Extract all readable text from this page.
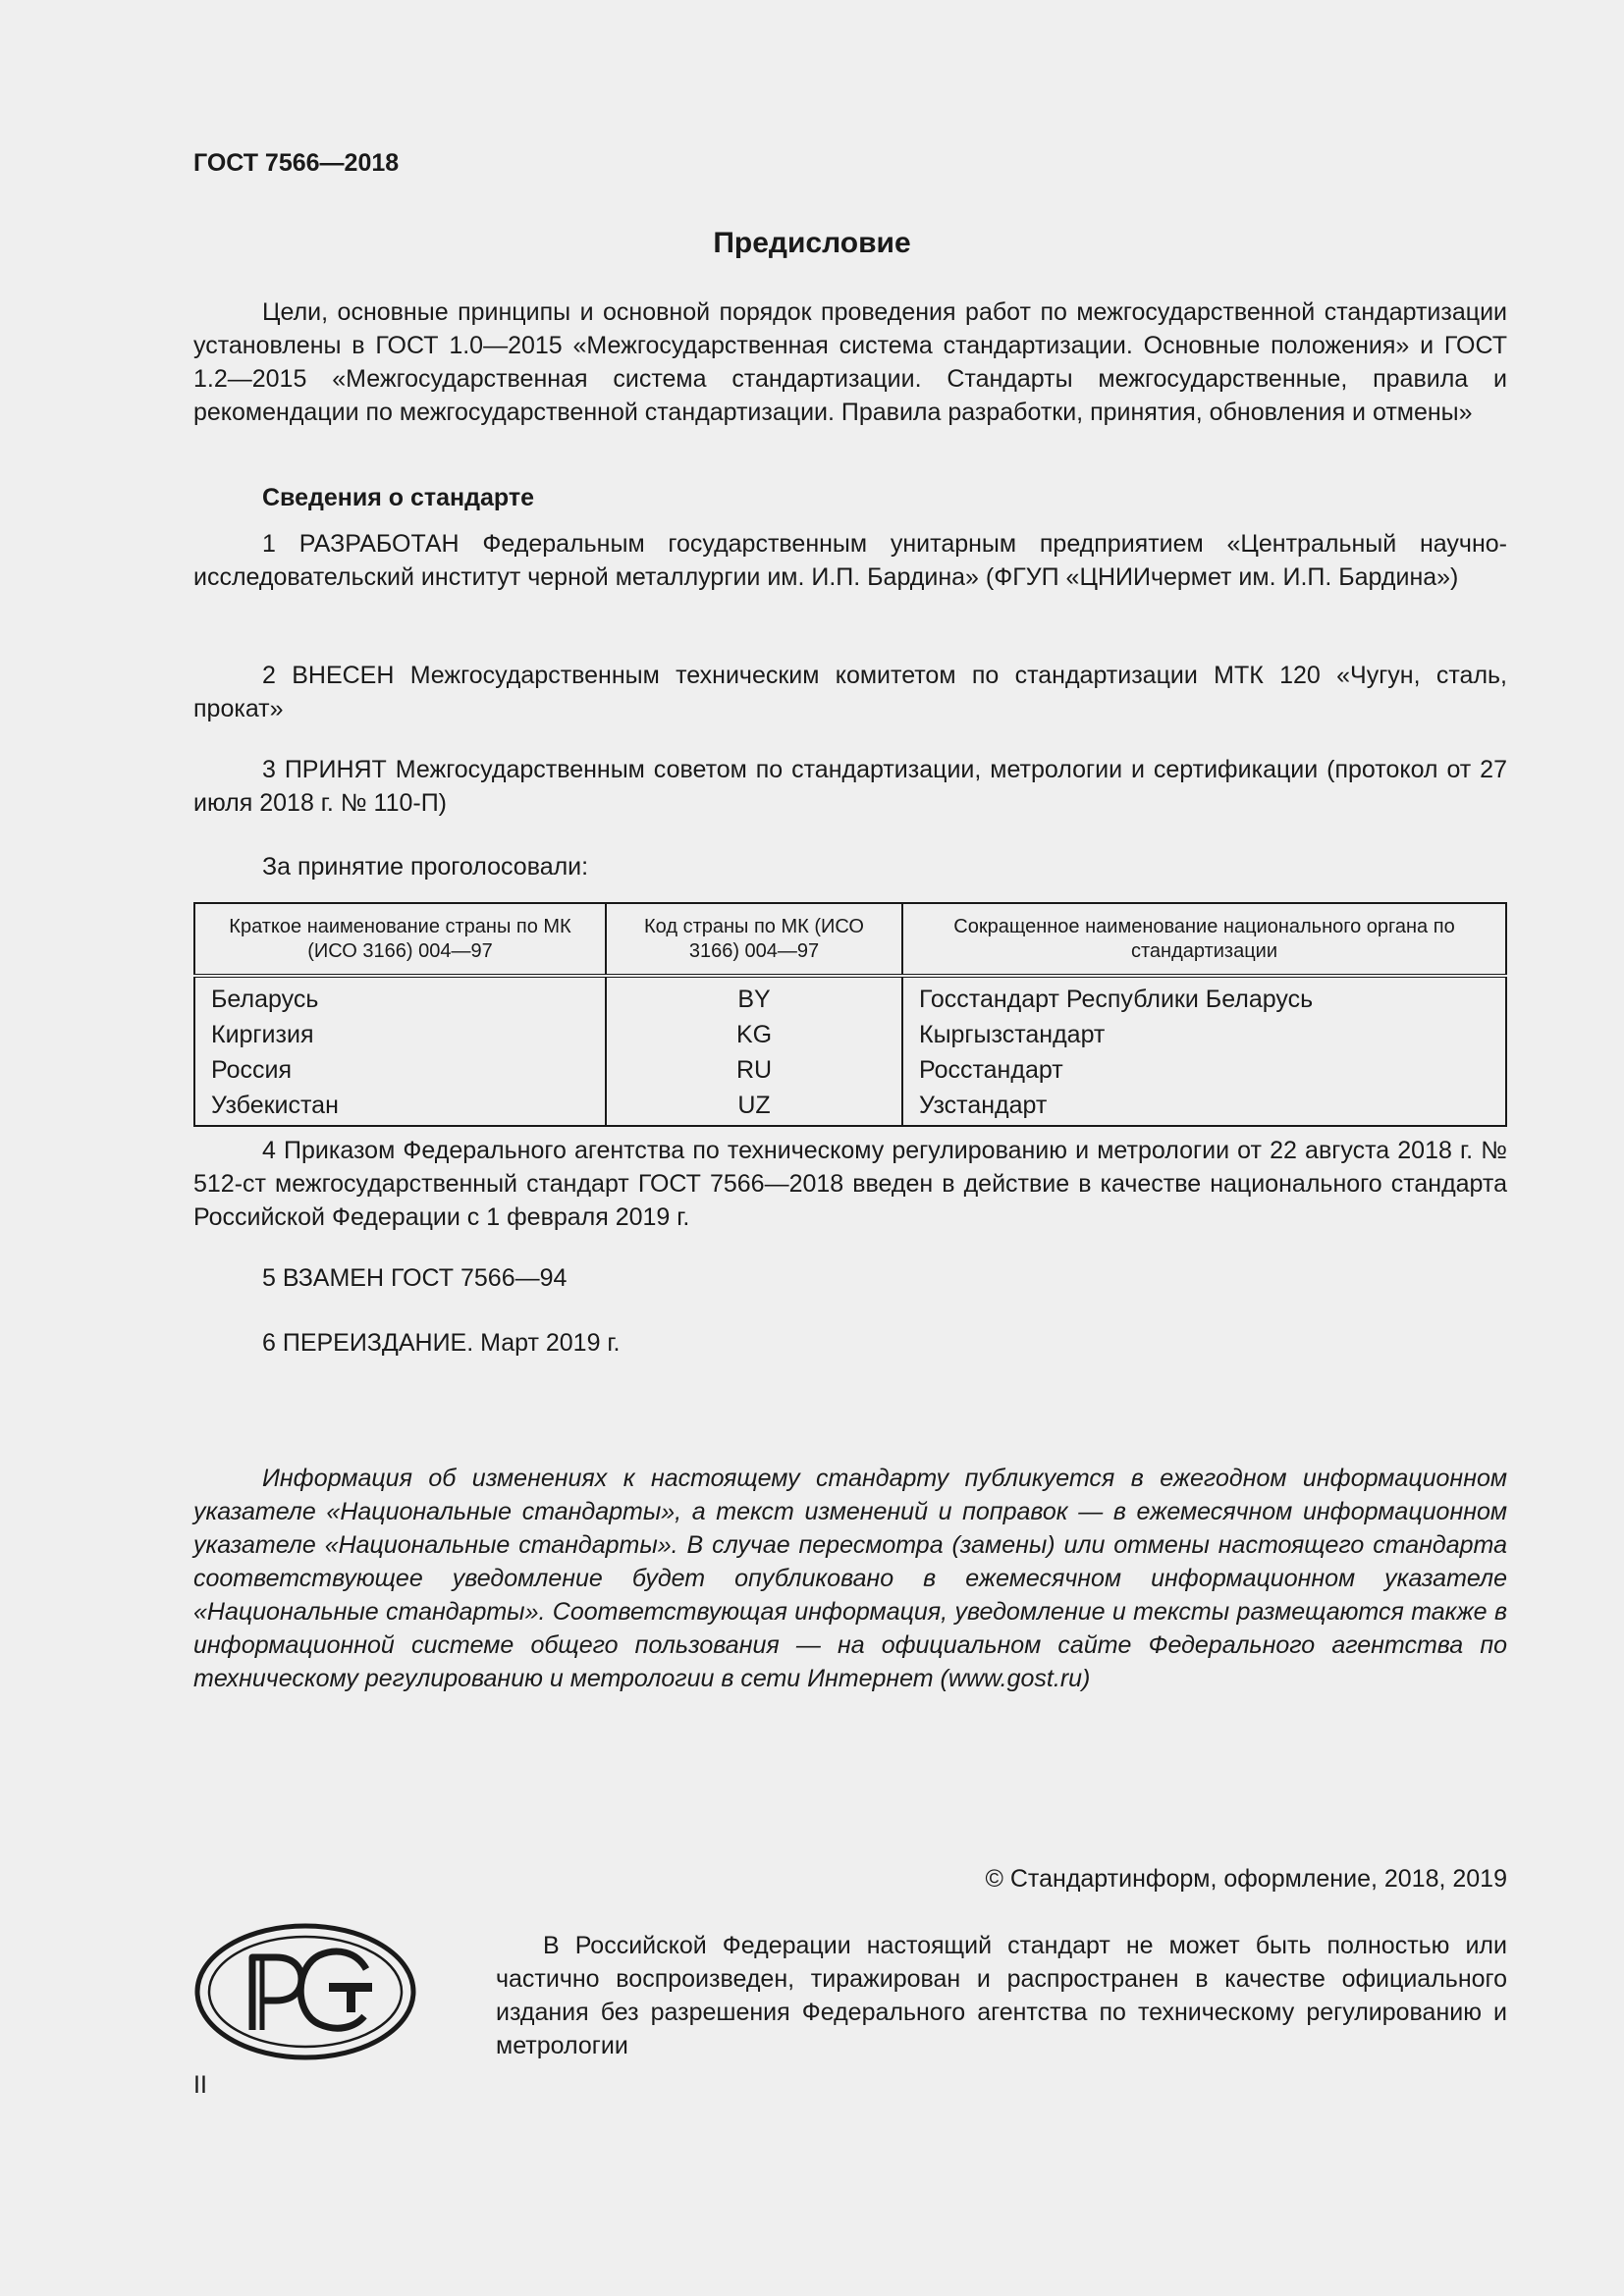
ГОСТ 7566—2018
Предисловие

Цели, основные принципы и основной порядок проведения работ по межгосударственной стандартизации установлены в ГОСТ 1.0—2015 «Межгосударственная система стандартизации. Основные положения» и ГОСТ 1.2—2015 «Межгосударственная система стандартизации. Стандарты межгосударственные, правила и рекомендации по межгосударственной стандартизации. Правила разработки, принятия, обновления и отмены»

Сведения о стандарте

1 РАЗРАБОТАН Федеральным государственным унитарным предприятием «Центральный научно-исследовательский институт черной металлургии им. И.П. Бардина» (ФГУП «ЦНИИчермет им. И.П. Бардина»)

2 ВНЕСЕН Межгосударственным техническим комитетом по стандартизации МТК 120 «Чугун, сталь, прокат»

3 ПРИНЯТ Межгосударственным советом по стандартизации, метрологии и сертификации (протокол от 27 июля 2018 г. № 110-П)

За принятие проголосовали:

Краткое наименование страны по МК (ИСО 3166) 004—97	Код страны по МК (ИСО 3166) 004—97	Сокращенное наименование национального органа по стандартизации
Беларусь	BY	Госстандарт Республики Беларусь
Киргизия	KG	Кыргызстандарт
Россия	RU	Росстандарт
Узбекистан	UZ	Узстандарт

4 Приказом Федерального агентства по техническому регулированию и метрологии от 22 августа 2018 г. № 512-ст межгосударственный стандарт ГОСТ 7566—2018 введен в действие в качестве национального стандарта Российской Федерации с 1 февраля 2019 г.

5 ВЗАМЕН ГОСТ 7566—94

6 ПЕРЕИЗДАНИЕ. Март 2019 г.

Информация об изменениях к настоящему стандарту публикуется в ежегодном информационном указателе «Национальные стандарты», а текст изменений и поправок — в ежемесячном информационном указателе «Национальные стандарты». В случае пересмотра (замены) или отмены настоящего стандарта соответствующее уведомление будет опубликовано в ежемесячном информационном указателе «Национальные стандарты». Соответствующая информация, уведомление и тексты размещаются также в информационной системе общего пользования — на официальном сайте Федерального агентства по техническому регулированию и метрологии в сети Интернет (www.gost.ru)

© Стандартинформ, оформление, 2018, 2019

В Российской Федерации настоящий стандарт не может быть полностью или частично воспроизведен, тиражирован и распространен в качестве официального издания без разрешения Федерального агентства по техническому регулированию и метрологии

II
